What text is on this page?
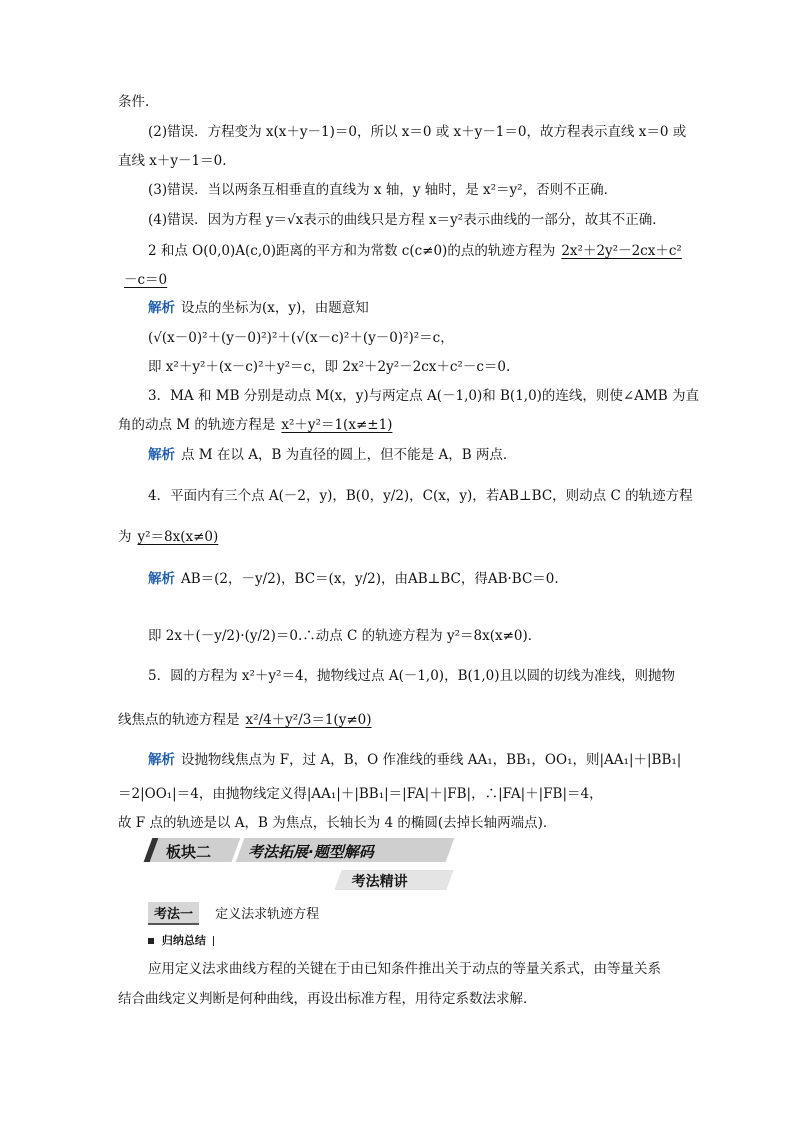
条件.
(2)错误．方程变为 x(x＋y－1)＝0，所以 x＝0 或 x＋y－1＝0，故方程表示直线 x＝0 或
直线 x＋y－1＝0.
(3)错误．当以两条互相垂直的直线为 x 轴，y 轴时，是 x²＝y²，否则不正确．
(4)错误．因为方程 y＝√x表示的曲线只是方程 x＝y²表示曲线的一部分，故其不正确．
2 和点 O(0,0)A(c,0)距离的平方和为常数 c(c≠0)的点的轨迹方程为 2x²＋2y²－2cx＋c²
－c＝0
解析 设点的坐标为(x，y)，由题意知
(√(x－0)²＋(y－0)²)²＋(√(x－c)²＋(y－0)²)²＝c，
即 x²＋y²＋(x－c)²＋y²＝c，即 2x²＋2y²－2cx＋c²－c＝0.
3．MA 和 MB 分别是动点 M(x，y)与两定点 A(－1,0)和 B(1,0)的连线，则使∠AMB 为直
角的动点 M 的轨迹方程是 x²＋y²＝1(x≠±1)
解析 点 M 在以 A，B 为直径的圆上，但不能是 A，B 两点．
4．平面内有三个点 A(－2，y)，B(0，y/2)，C(x，y)，若AB⊥BC，则动点 C 的轨迹方程
为 y²＝8x(x≠0)
解析 AB＝(2，－y/2)，BC＝(x，y/2)，由AB⊥BC，得AB·BC＝0.
即 2x＋(－y/2)·(y/2)＝0.∴动点 C 的轨迹方程为 y²＝8x(x≠0)．
5．圆的方程为 x²＋y²＝4，抛物线过点 A(－1,0)，B(1,0)且以圆的切线为准线，则抛物
线焦点的轨迹方程是 x²/4＋y²/3＝1(y≠0)
解析 设抛物线焦点为 F，过 A，B，O 作准线的垂线 AA₁，BB₁，OO₁，则|AA₁|＋|BB₁|
＝2|OO₁|＝4，由抛物线定义得|AA₁|＋|BB₁|＝|FA|＋|FB|，∴|FA|＋|FB|＝4，
故 F 点的轨迹是以 A，B 为焦点，长轴长为 4 的椭圆(去掉长轴两端点)．
应用定义法求曲线方程的关键在于由已知条件推出关于动点的等量关系式，由等量关系
结合曲线定义判断是何种曲线，再设出标准方程，用待定系数法求解．
板块二 考法拓展·题型解码
考法精讲
考法一 定义法求轨迹方程
归纳总结
